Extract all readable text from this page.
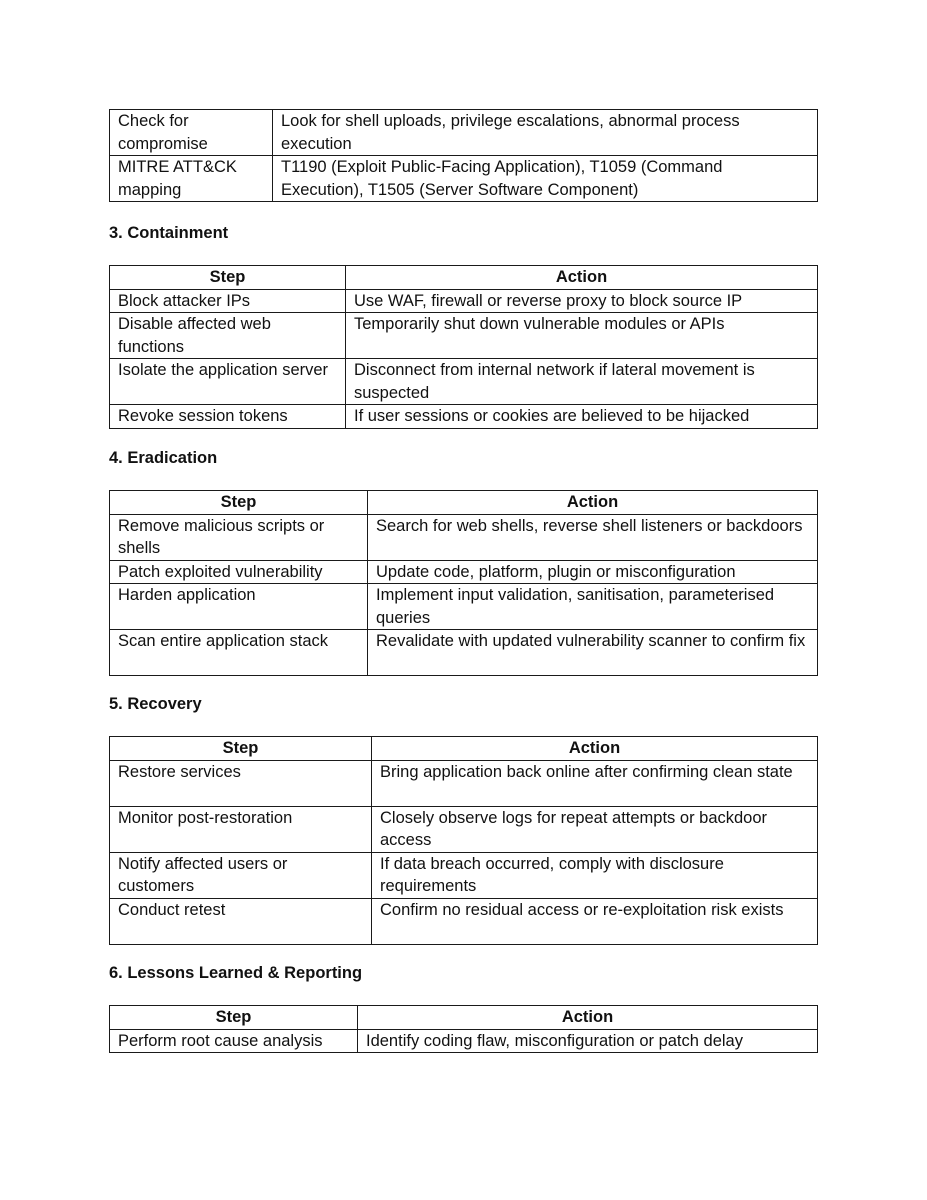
Check for compromise	Look for shell uploads, privilege escalations, abnormal process execution
MITRE ATT&CK mapping	T1190 (Exploit Public-Facing Application), T1059 (Command Execution), T1505 (Server Software Component)
3. Containment
Step	Action
Block attacker IPs	Use WAF, firewall or reverse proxy to block source IP
Disable affected web functions	Temporarily shut down vulnerable modules or APIs
Isolate the application server	Disconnect from internal network if lateral movement is suspected
Revoke session tokens	If user sessions or cookies are believed to be hijacked
4. Eradication
Step	Action
Remove malicious scripts or shells	Search for web shells, reverse shell listeners or backdoors
Patch exploited vulnerability	Update code, platform, plugin or misconfiguration
Harden application	Implement input validation, sanitisation, parameterised queries
Scan entire application stack	Revalidate with updated vulnerability scanner to confirm fix
5. Recovery
Step	Action
Restore services	Bring application back online after confirming clean state
Monitor post-restoration	Closely observe logs for repeat attempts or backdoor access
Notify affected users or customers	If data breach occurred, comply with disclosure requirements
Conduct retest	Confirm no residual access or re-exploitation risk exists
6. Lessons Learned & Reporting
Step	Action
Perform root cause analysis	Identify coding flaw, misconfiguration or patch delay
